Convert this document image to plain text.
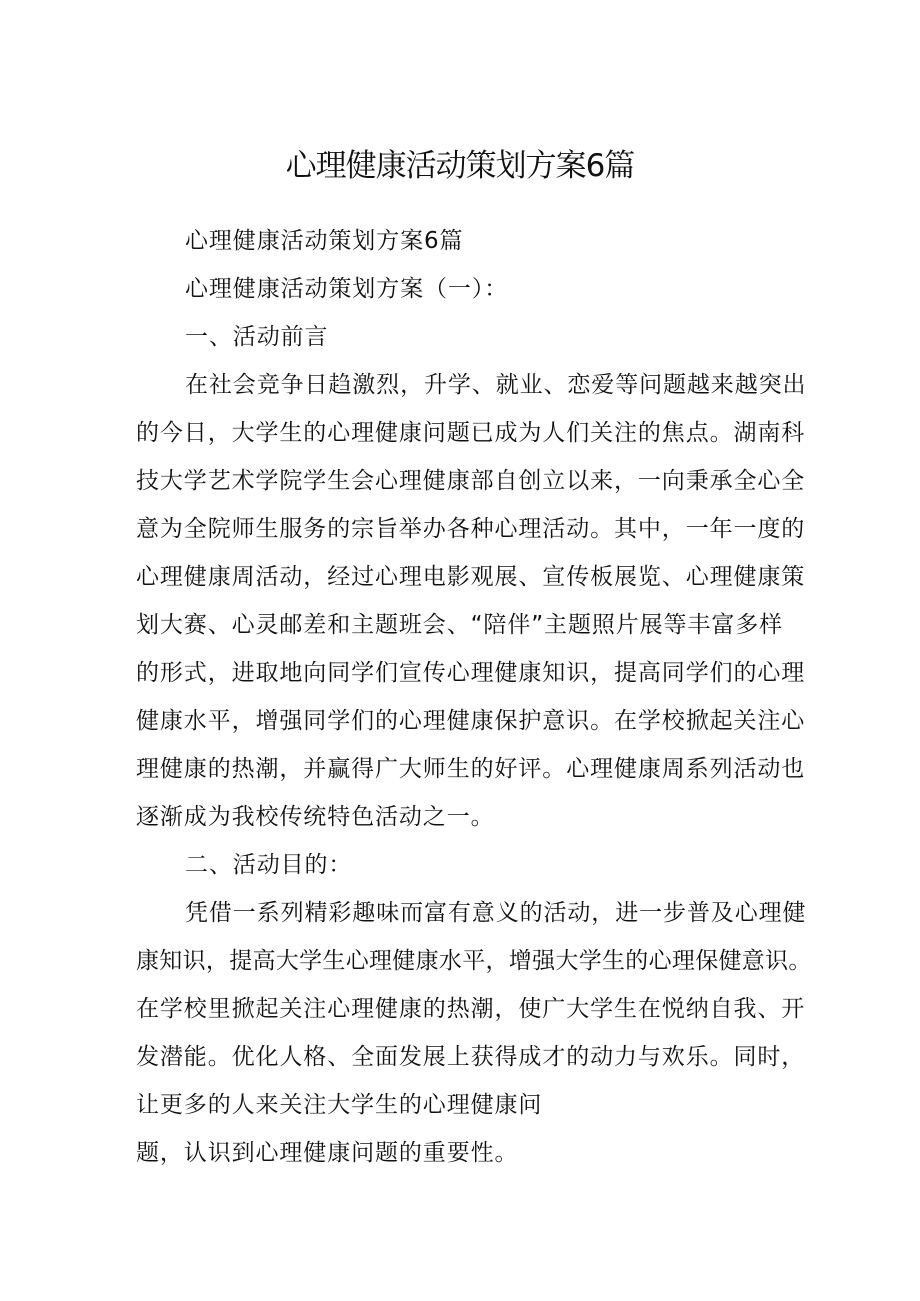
心理健康活动策划方案6篇
心理健康活动策划方案6篇
心理健康活动策划方案（一）：
一、活动前言
在社会竞争日趋激烈，升学、就业、恋爱等问题越来越突出
的今日，大学生的心理健康问题已成为人们关注的焦点。湖南科
技大学艺术学院学生会心理健康部自创立以来，一向秉承全心全
意为全院师生服务的宗旨举办各种心理活动。其中，一年一度的
心理健康周活动，经过心理电影观展、宣传板展览、心理健康策
划大赛、心灵邮差和主题班会、“陪伴”主题照片展等丰富多样
的形式，进取地向同学们宣传心理健康知识，提高同学们的心理
健康水平，增强同学们的心理健康保护意识。在学校掀起关注心
理健康的热潮，并赢得广大师生的好评。心理健康周系列活动也
逐渐成为我校传统特色活动之一。
二、活动目的：
凭借一系列精彩趣味而富有意义的活动，进一步普及心理健
康知识，提高大学生心理健康水平，增强大学生的心理保健意识。
在学校里掀起关注心理健康的热潮，使广大学生在悦纳自我、开
发潜能。优化人格、全面发展上获得成才的动力与欢乐。同时，
让更多的人来关注大学生的心理健康问
题，认识到心理健康问题的重要性。
